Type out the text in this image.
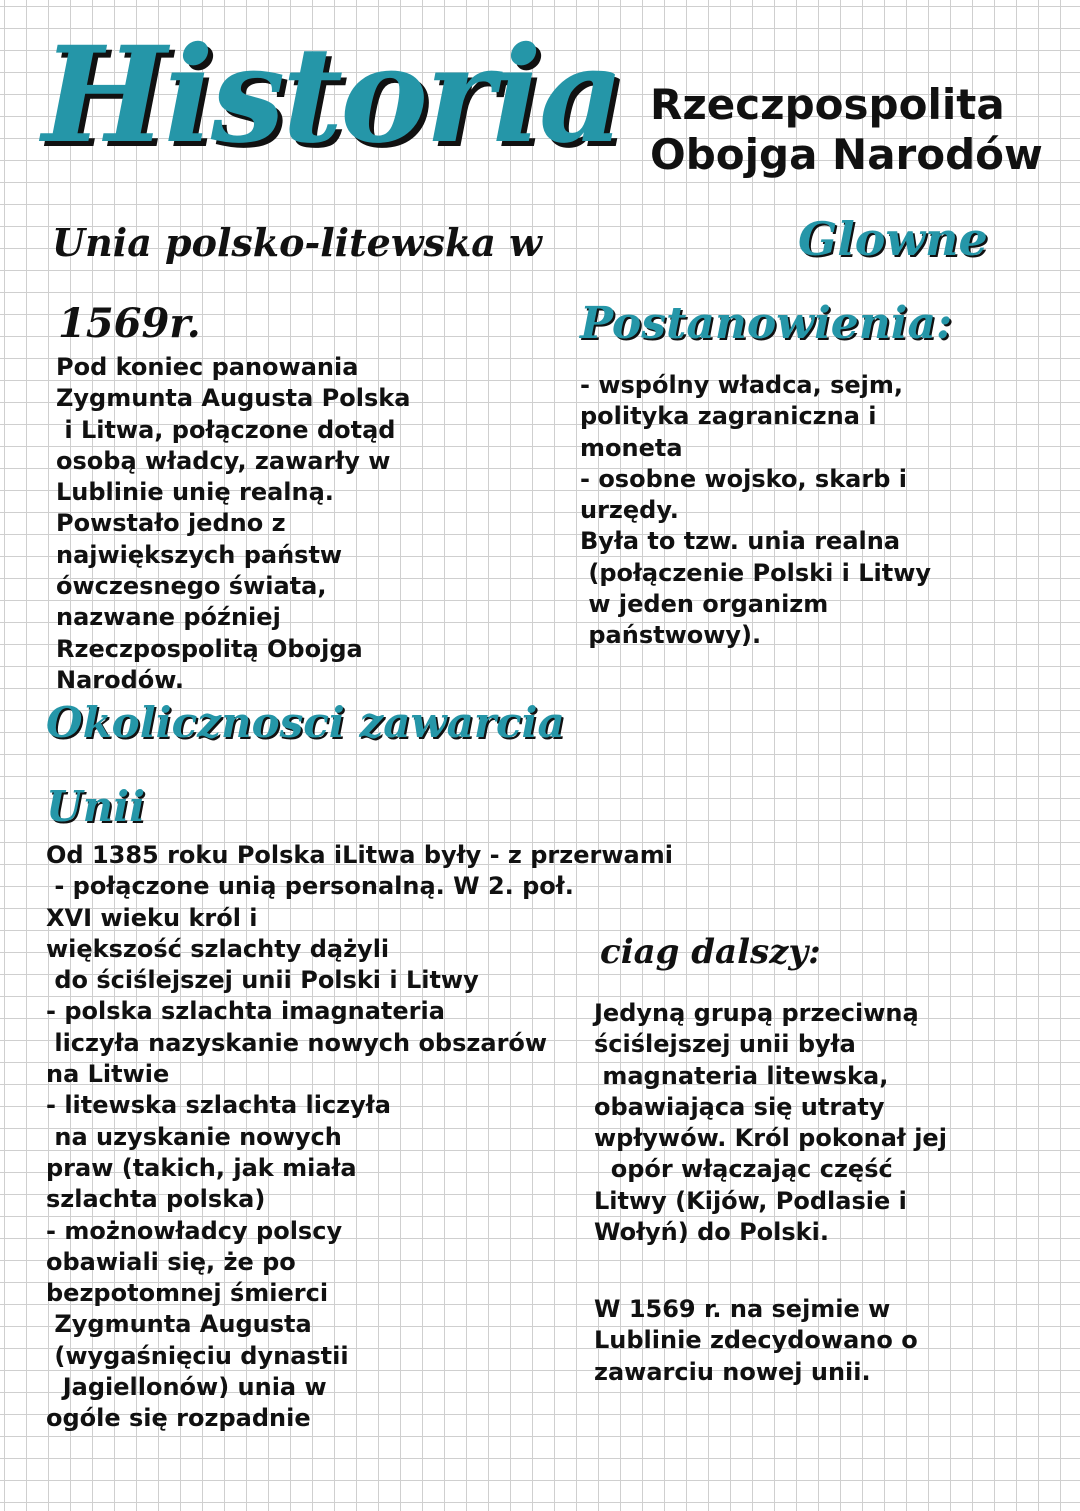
Historia Rzeczpospolita
Obojga Narodów
Unia polsko-litewska w
1569r.
Pod koniec panowania
Zygmunta Augusta Polska
i Litwa, połączone dotąd
osobą władcy, zawarły w
Lublinie unię realną.
Powstało jedno z
największych państw
ówczesnego świata,
nazwane później
Rzeczpospolitą Obojga
Narodów.
Glowne
Postanowienia:
- wspólny władca, sejm,
polityka zagraniczna i
moneta
- osobne wojsko, skarb i
urzędy.
Była to tzw. unia realna
(połączenie Polski i Litwy
w jeden organizm
państwowy).
Okolicznosci zawarcia
Unii
Od 1385 roku Polska iLitwa były - z przerwami
- połączone unią personalną. W 2. poł.
XVI wieku król i
większość szlachty dążyli
do ściślejszej unii Polski i Litwy
- polska szlachta imagnateria
liczyła nazyskanie nowych obszarów
na Litwie
- litewska szlachta liczyła
na uzyskanie nowych
praw (takich, jak miała
szlachta polska)
- możnowładcy polscy
obawiali się, że po
bezpotomnej śmierci
Zygmunta Augusta
(wygaśnięciu dynastii
Jagiellonów) unia w
ogóle się rozpadnie
ciag dalszy:
Jedyną grupą przeciwną
ściślejszej unii była
magnateria litewska,
obawiająca się utraty
wpływów. Król pokonał jej
opór włączając część
Litwy (Kijów, Podlasie i
Wołyń) do Polski.
W 1569 r. na sejmie w
Lublinie zdecydowano o
zawarciu nowej unii.
